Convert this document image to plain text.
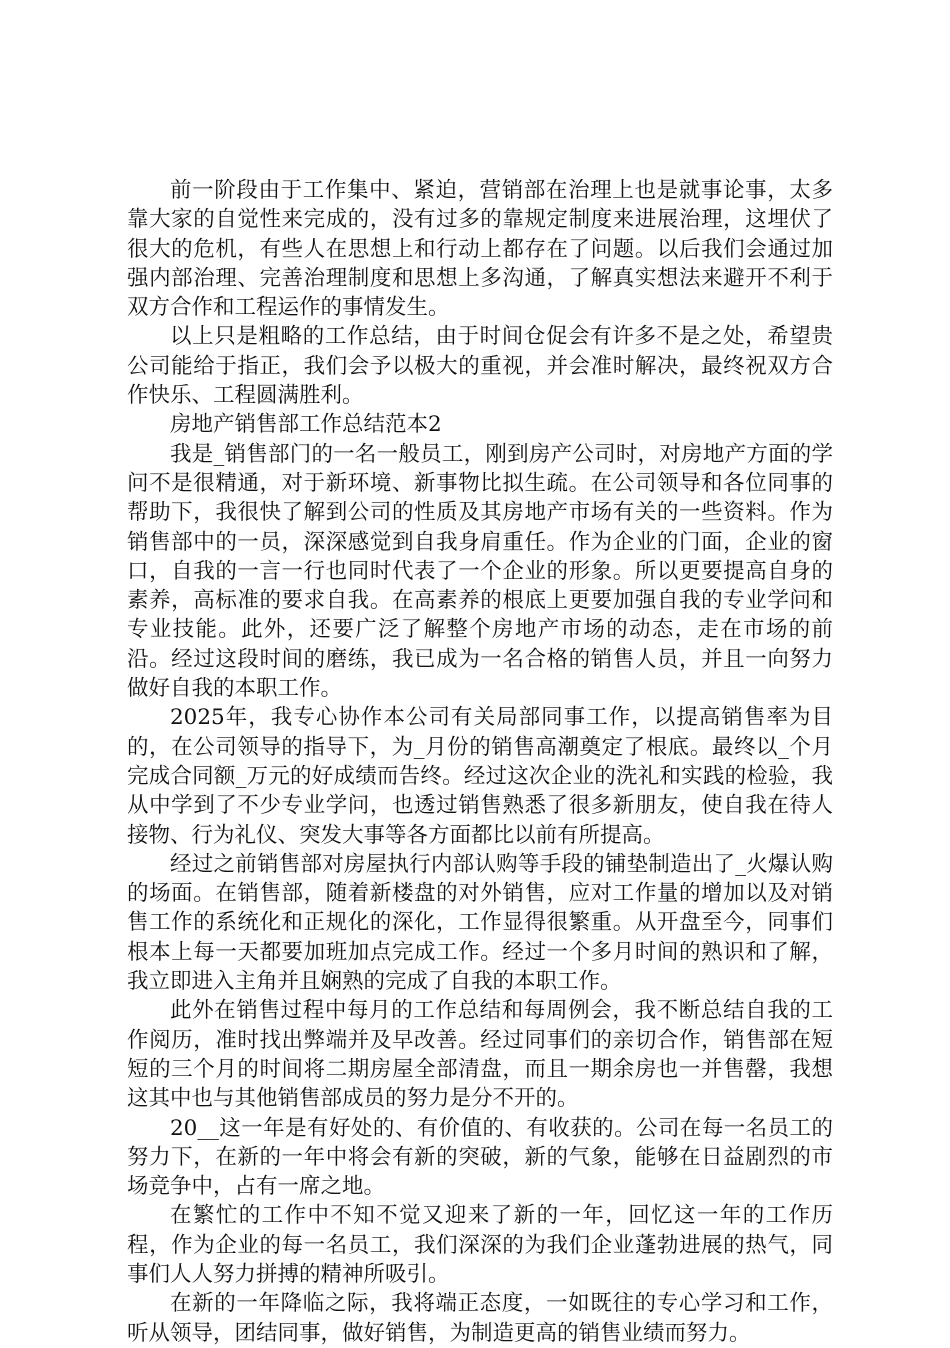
前一阶段由于工作集中、紧迫，营销部在治理上也是就事论事，太多靠大家的自觉性来完成的，没有过多的靠规定制度来进展治理，这埋伏了很大的危机，有些人在思想上和行动上都存在了问题。以后我们会通过加强内部治理、完善治理制度和思想上多沟通，了解真实想法来避开不利于双方合作和工程运作的事情发生。

以上只是粗略的工作总结，由于时间仓促会有许多不是之处，希望贵公司能给于指正，我们会予以极大的重视，并会准时解决，最终祝双方合作快乐、工程圆满胜利。

房地产销售部工作总结范本2

我是_销售部门的一名一般员工，刚到房产公司时，对房地产方面的学问不是很精通，对于新环境、新事物比拟生疏。在公司领导和各位同事的帮助下，我很快了解到公司的性质及其房地产市场有关的一些资料。作为销售部中的一员，深深感觉到自我身肩重任。作为企业的门面，企业的窗口，自我的一言一行也同时代表了一个企业的形象。所以更要提高自身的素养，高标准的要求自我。在高素养的根底上更要加强自我的专业学问和专业技能。此外，还要广泛了解整个房地产市场的动态，走在市场的前沿。经过这段时间的磨练，我已成为一名合格的销售人员，并且一向努力做好自我的本职工作。

2025年，我专心协作本公司有关局部同事工作，以提高销售率为目的，在公司领导的指导下，为_月份的销售高潮奠定了根底。最终以_个月完成合同额_万元的好成绩而告终。经过这次企业的洗礼和实践的检验，我从中学到了不少专业学问，也透过销售熟悉了很多新朋友，使自我在待人接物、行为礼仪、突发大事等各方面都比以前有所提高。

经过之前销售部对房屋执行内部认购等手段的铺垫制造出了_火爆认购的场面。在销售部，随着新楼盘的对外销售，应对工作量的增加以及对销售工作的系统化和正规化的深化，工作显得很繁重。从开盘至今，同事们根本上每一天都要加班加点完成工作。经过一个多月时间的熟识和了解，我立即进入主角并且娴熟的完成了自我的本职工作。

此外在销售过程中每月的工作总结和每周例会，我不断总结自我的工作阅历，准时找出弊端并及早改善。经过同事们的亲切合作，销售部在短短的三个月的时间将二期房屋全部清盘，而且一期余房也一并售罄，我想这其中也与其他销售部成员的努力是分不开的。

20__这一年是有好处的、有价值的、有收获的。公司在每一名员工的努力下，在新的一年中将会有新的突破，新的气象，能够在日益剧烈的市场竞争中，占有一席之地。

在繁忙的工作中不知不觉又迎来了新的一年，回忆这一年的工作历程，作为企业的每一名员工，我们深深的为我们企业蓬勃进展的热气，同事们人人努力拼搏的精神所吸引。

在新的一年降临之际，我将端正态度，一如既往的专心学习和工作，听从领导，团结同事，做好销售，为制造更高的销售业绩而努力。
